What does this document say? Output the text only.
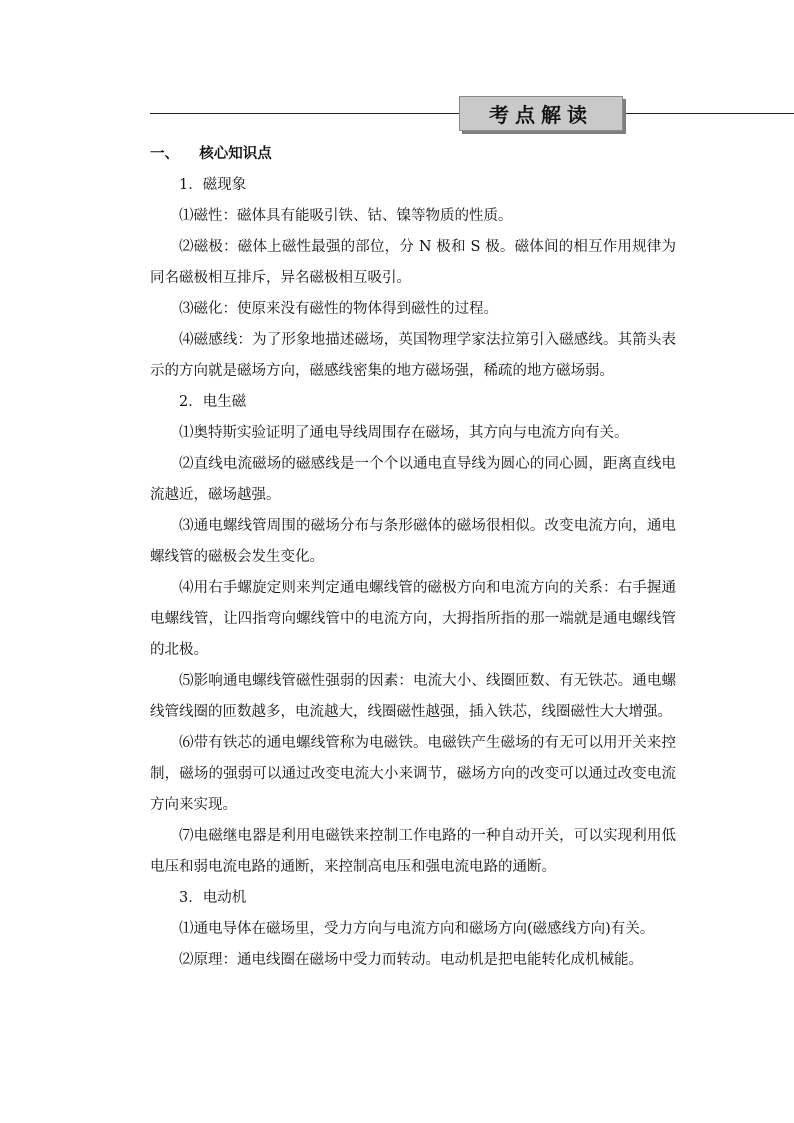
考点解读

一、    核心知识点

1．磁现象

⑴磁性：磁体具有能吸引铁、钴、镍等物质的性质。

⑵磁极：磁体上磁性最强的部位，分 N 极和 S 极。磁体间的相互作用规律为同名磁极相互排斥，异名磁极相互吸引。

⑶磁化：使原来没有磁性的物体得到磁性的过程。

⑷磁感线：为了形象地描述磁场，英国物理学家法拉第引入磁感线。其箭头表示的方向就是磁场方向，磁感线密集的地方磁场强，稀疏的地方磁场弱。

2．电生磁

⑴奥特斯实验证明了通电导线周围存在磁场，其方向与电流方向有关。

⑵直线电流磁场的磁感线是一个个以通电直导线为圆心的同心圆，距离直线电流越近，磁场越强。

⑶通电螺线管周围的磁场分布与条形磁体的磁场很相似。改变电流方向，通电螺线管的磁极会发生变化。

⑷用右手螺旋定则来判定通电螺线管的磁极方向和电流方向的关系：右手握通电螺线管，让四指弯向螺线管中的电流方向，大拇指所指的那一端就是通电螺线管的北极。

⑸影响通电螺线管磁性强弱的因素：电流大小、线圈匝数、有无铁芯。通电螺线管线圈的匝数越多，电流越大，线圈磁性越强，插入铁芯，线圈磁性大大增强。

⑹带有铁芯的通电螺线管称为电磁铁。电磁铁产生磁场的有无可以用开关来控制，磁场的强弱可以通过改变电流大小来调节，磁场方向的改变可以通过改变电流方向来实现。

⑺电磁继电器是利用电磁铁来控制工作电路的一种自动开关，可以实现利用低电压和弱电流电路的通断，来控制高电压和强电流电路的通断。

3．电动机

⑴通电导体在磁场里，受力方向与电流方向和磁场方向(磁感线方向)有关。

⑵原理：通电线圈在磁场中受力而转动。电动机是把电能转化成机械能。
